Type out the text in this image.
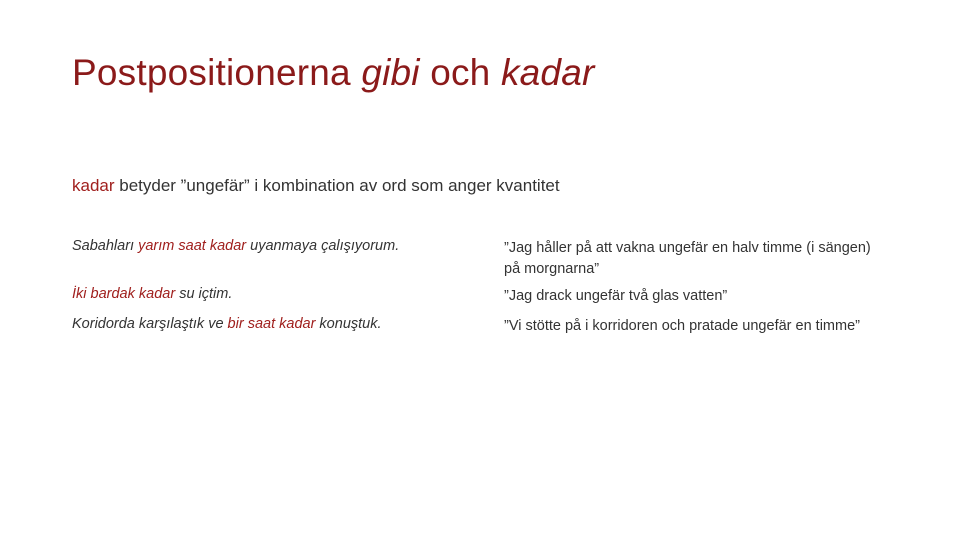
Postpositionerna gibi och kadar
kadar betyder ”ungefär” i kombination av ord som anger kvantitet
Sabahları yarım saat kadar uyanmaya çalışıyorum.	”Jag håller på att vakna ungefär en halv timme (i sängen) på morgnarna”
İki bardak kadar su içtim.	”Jag drack ungefär två glas vatten”
Koridorda karşılaştık ve bir saat kadar konuştuk.	”Vi stötte på i korridoren och pratade ungefär en timme”
